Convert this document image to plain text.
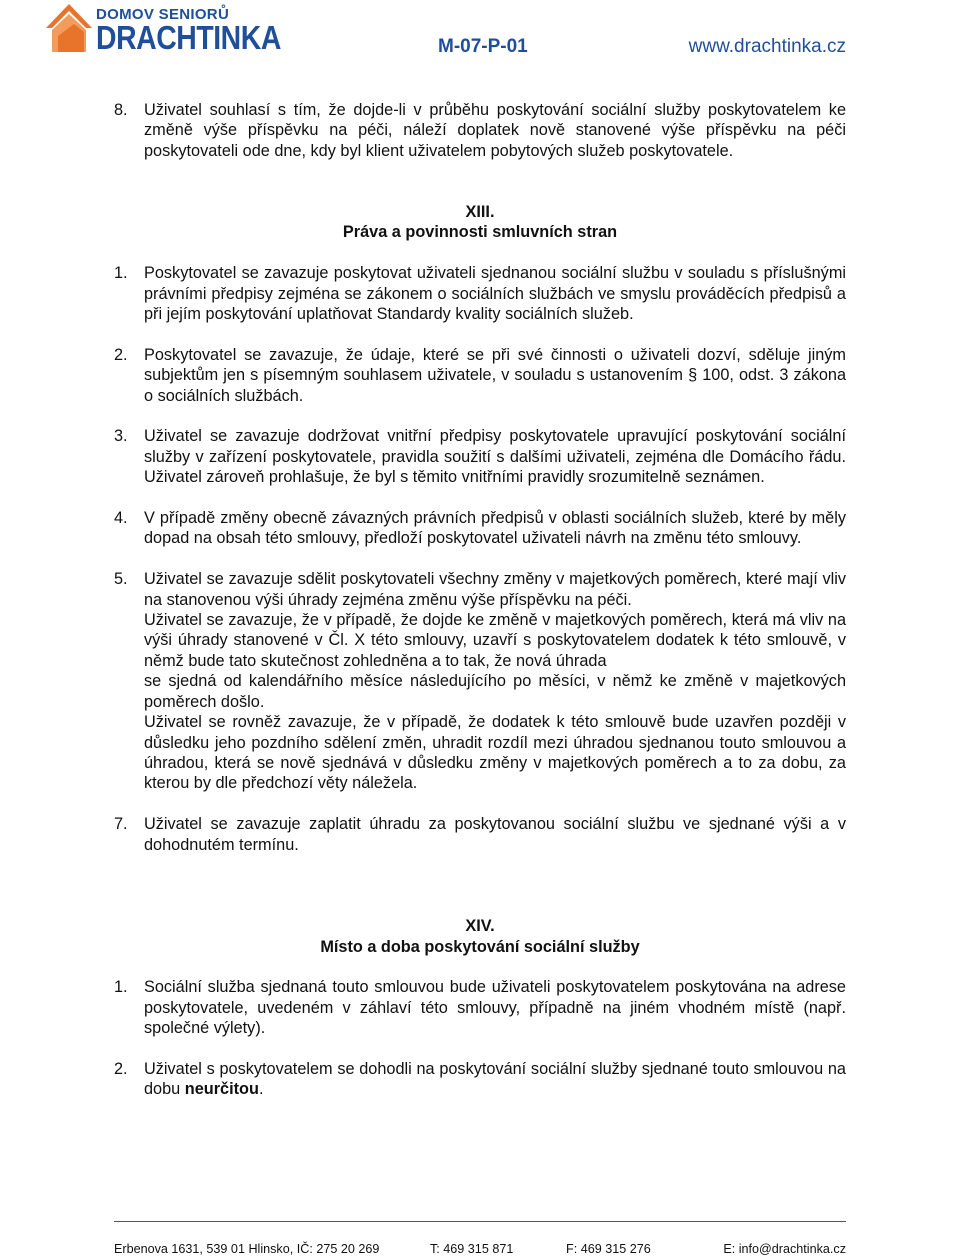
DOMOV SENIORŮ
DRACHTINKA	M-07-P-01	www.drachtinka.cz
8. Uživatel souhlasí s tím, že dojde-li v průběhu poskytování sociální služby poskytovatelem ke změně výše příspěvku na péči, náleží doplatek nově stanovené výše příspěvku na péči poskytovateli ode dne, kdy byl klient uživatelem pobytových služeb poskytovatele.

XIII.

Práva a povinnosti smluvních stran

1. Poskytovatel se zavazuje poskytovat uživateli sjednanou sociální službu v souladu s příslušnými právními předpisy zejména se zákonem o sociálních službách ve smyslu prováděcích předpisů a při jejím poskytování uplatňovat Standardy kvality sociálních služeb.

2. Poskytovatel se zavazuje, že údaje, které se při své činnosti o uživateli dozví, sděluje jiným subjektům jen s písemným souhlasem uživatele, v souladu s ustanovením § 100, odst. 3 zákona o sociálních službách.

3. Uživatel se zavazuje dodržovat vnitřní předpisy poskytovatele upravující poskytování sociální služby v zařízení poskytovatele, pravidla soužití s dalšími uživateli, zejména dle Domácího řádu. Uživatel zároveň prohlašuje, že byl s těmito vnitřními pravidly srozumitelně seznámen.

4. V případě změny obecně závazných právních předpisů v oblasti sociálních služeb, které by měly dopad na obsah této smlouvy, předloží poskytovatel uživateli návrh na změnu této smlouvy.

5. Uživatel se zavazuje sdělit poskytovateli všechny změny v majetkových poměrech, které mají vliv na stanovenou výši úhrady zejména změnu výše příspěvku na péči.

Uživatel se zavazuje, že v případě, že dojde ke změně v majetkových poměrech, která má vliv na výši úhrady stanovené v Čl. X této smlouvy, uzavří s poskytovatelem dodatek k této smlouvě, v němž bude tato skutečnost zohledněna a to tak, že nová úhrada

se sjedná od kalendářního měsíce následujícího po měsíci, v němž ke změně v majetkových poměrech došlo.

Uživatel se rovněž zavazuje, že v případě, že dodatek k této smlouvě bude uzavřen později v důsledku jeho pozdního sdělení změn, uhradit rozdíl mezi úhradou sjednanou touto smlouvou a úhradou, která se nově sjednává v důsledku změny v majetkových poměrech a to za dobu, za kterou by dle předchozí věty náležela.

7. Uživatel se zavazuje zaplatit úhradu za poskytovanou sociální službu ve sjednané výši a v dohodnutém termínu.

XIV.

Místo a doba poskytování sociální služby

1. Sociální služba sjednaná touto smlouvou bude uživateli poskytovatelem poskytována na adrese poskytovatele, uvedeném v záhlaví této smlouvy, případně na jiném vhodném místě (např. společné výlety).

2. Uživatel s poskytovatelem se dohodli na poskytování sociální služby sjednané touto smlouvou na dobu neurčitou.

Erbenova 1631, 539 01 Hlinsko, IČ: 275 20 269	T: 469 315 871	F: 469 315 276	E: info@drachtinka.cz
